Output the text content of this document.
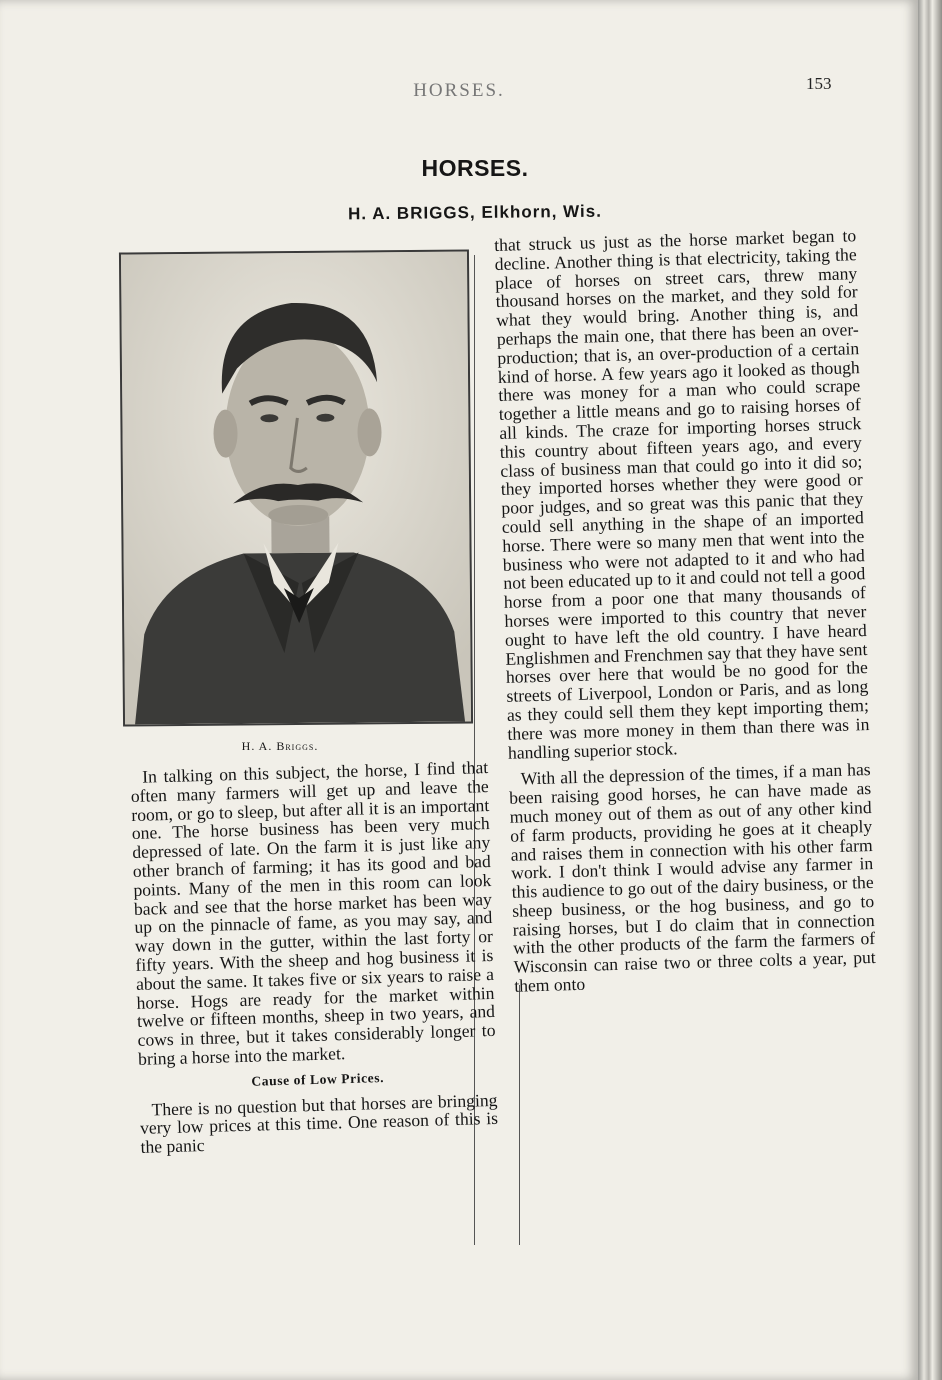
HORSES.	153
HORSES.
H. A. BRIGGS, Elkhorn, Wis.
H. A. Briggs.

In talking on this subject, the horse, I find that often many farmers will get up and leave the room, or go to sleep, but after all it is an important one. The horse business has been very much depressed of late. On the farm it is just like any other branch of farming; it has its good and bad points. Many of the men in this room can look back and see that the horse market has been way up on the pinnacle of fame, as you may say, and way down in the gutter, within the last forty or fifty years. With the sheep and hog business it is about the same. It takes five or six years to raise a horse. Hogs are ready for the market within twelve or fifteen months, sheep in two years, and cows in three, but it takes considerably longer to bring a horse into the market.

Cause of Low Prices.

There is no question but that horses are bringing very low prices at this time. One reason of this is the panic

that struck us just as the horse market began to decline. Another thing is that electricity, taking the place of horses on street cars, threw many thousand horses on the market, and they sold for what they would bring. Another thing is, and perhaps the main one, that there has been an over-production; that is, an over-production of a certain kind of horse. A few years ago it looked as though there was money for a man who could scrape together a little means and go to raising horses of all kinds. The craze for importing horses struck this country about fifteen years ago, and every class of business man that could go into it did so; they imported horses whether they were good or poor judges, and so great was this panic that they could sell anything in the shape of an imported horse. There were so many men that went into the business who were not adapted to it and who had not been educated up to it and could not tell a good horse from a poor one that many thousands of horses were imported to this country that never ought to have left the old country. I have heard Englishmen and Frenchmen say that they have sent horses over here that would be no good for the streets of Liverpool, London or Paris, and as long as they could sell them they kept importing them; there was more money in them than there was in handling superior stock.

With all the depression of the times, if a man has been raising good horses, he can have made as much money out of them as out of any other kind of farm products, providing he goes at it cheaply and raises them in connection with his other farm work. I don't think I would advise any farmer in this audience to go out of the dairy business, or the sheep business, or the hog business, and go to raising horses, but I do claim that in connection with the other products of the farm the farmers of Wisconsin can raise two or three colts a year, put them onto
